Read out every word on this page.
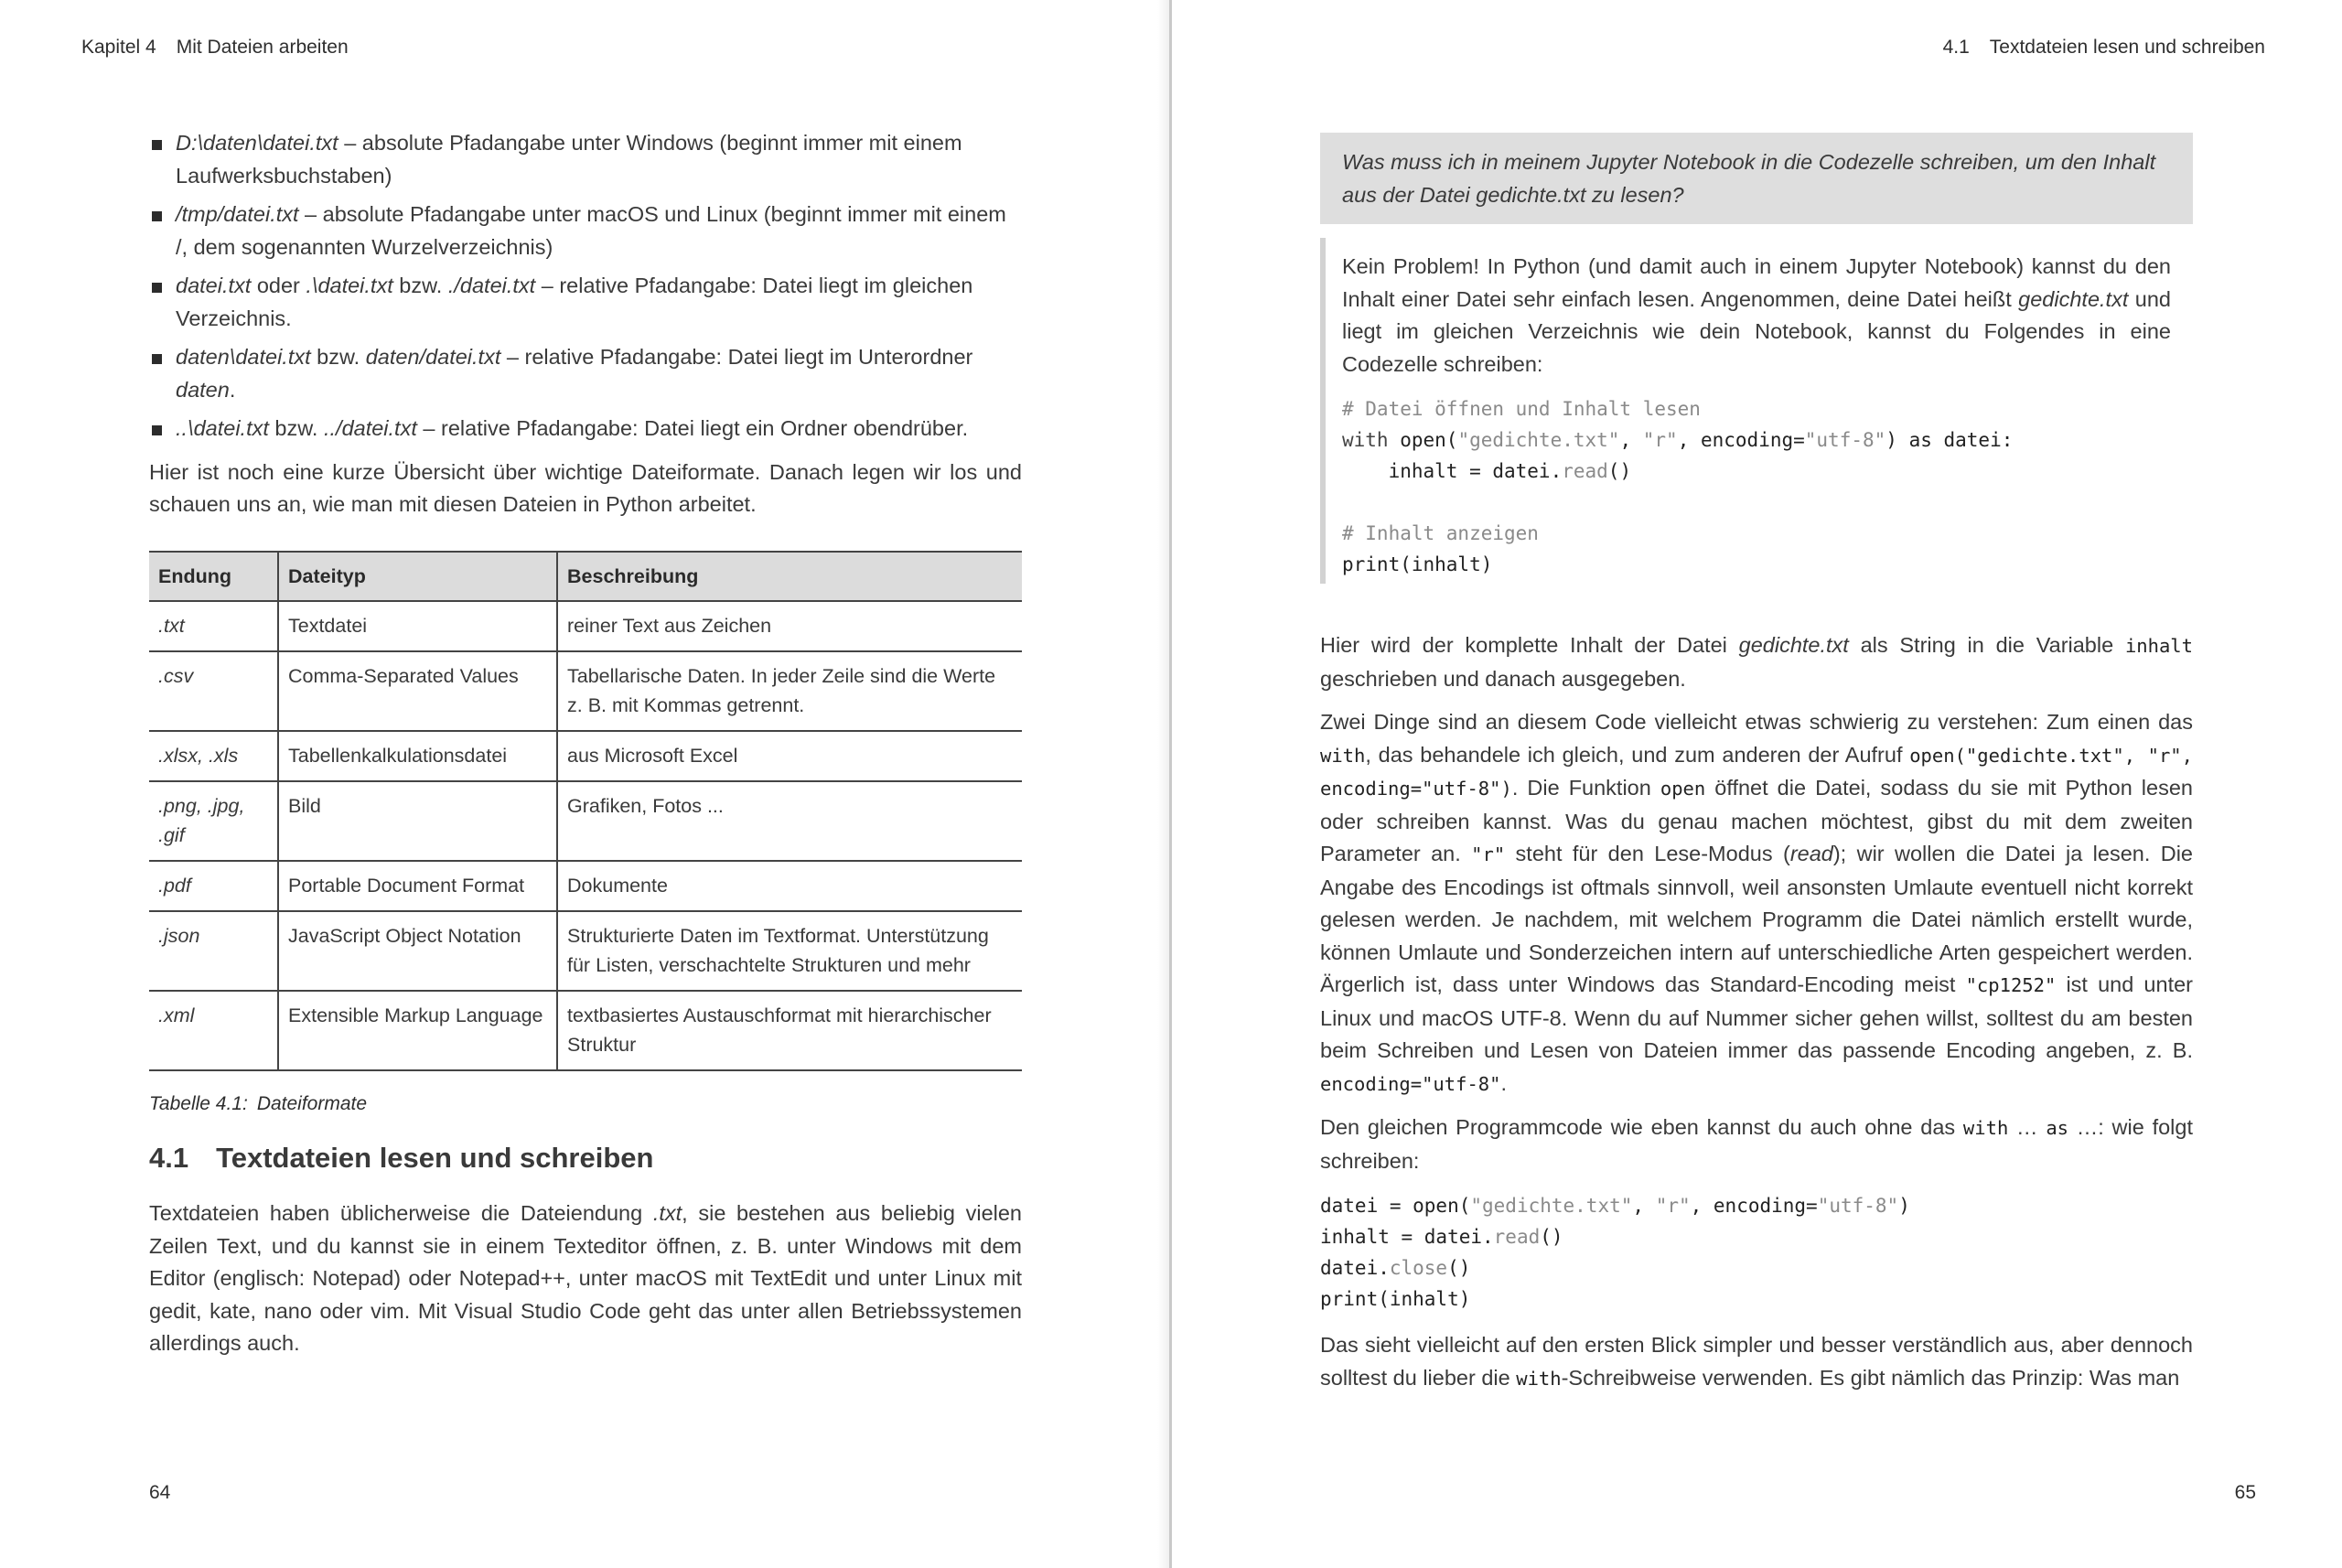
Kapitel 4 Mit Dateien arbeiten
D:\daten\datei.txt – absolute Pfadangabe unter Windows (beginnt immer mit einem Laufwerksbuchstaben)
/tmp/datei.txt – absolute Pfadangabe unter macOS und Linux (beginnt immer mit einem /, dem sogenannten Wurzelverzeichnis)
datei.txt oder .\datei.txt bzw. ./datei.txt – relative Pfadangabe: Datei liegt im gleichen Verzeichnis.
daten\datei.txt bzw. daten/datei.txt – relative Pfadangabe: Datei liegt im Unterordner daten.
..\datei.txt bzw. ../datei.txt – relative Pfadangabe: Datei liegt ein Ordner obendrüber.

Hier ist noch eine kurze Übersicht über wichtige Dateiformate. Danach legen wir los und schauen uns an, wie man mit diesen Dateien in Python arbeitet.

Endung	Dateityp	Beschreibung
.txt	Textdatei	reiner Text aus Zeichen
.csv	Comma-Separated Values	Tabellarische Daten. In jeder Zeile sind die Werte z. B. mit Kommas getrennt.
.xlsx, .xls	Tabellenkalkulationsdatei	aus Microsoft Excel
.png, .jpg, .gif	Bild	Grafiken, Fotos ...
.pdf	Portable Document Format	Dokumente
.json	JavaScript Object Notation	Strukturierte Daten im Textformat. Unterstützung für Listen, verschachtelte Strukturen und mehr
.xml	Extensible Markup Language	textbasiertes Austauschformat mit hierarchischer Struktur
Tabelle 4.1: Dateiformate
4.1 Textdateien lesen und schreiben

Textdateien haben üblicherweise die Dateiendung .txt, sie bestehen aus beliebig vielen Zeilen Text, und du kannst sie in einem Texteditor öffnen, z. B. unter Windows mit dem Editor (englisch: Notepad) oder Notepad++, unter macOS mit TextEdit und unter Linux mit gedit, kate, nano oder vim. Mit Visual Studio Code geht das unter allen Betriebssystemen allerdings auch.

64
4.1 Textdateien lesen und schreiben
Was muss ich in meinem Jupyter Notebook in die Codezelle schreiben, um den Inhalt aus der Datei gedichte.txt zu lesen?

Kein Problem! In Python (und damit auch in einem Jupyter Notebook) kannst du den Inhalt einer Datei sehr einfach lesen. Angenommen, deine Datei heißt gedichte.txt und liegt im gleichen Verzeichnis wie dein Notebook, kannst du Folgendes in eine Codezelle schreiben:

# Datei öffnen und Inhalt lesen
with open("gedichte.txt", "r", encoding="utf-8") as datei:
inhalt = datei.read()

# Inhalt anzeigen
print(inhalt)

Hier wird der komplette Inhalt der Datei gedichte.txt als String in die Variable inhalt geschrieben und danach ausgegeben.

Zwei Dinge sind an diesem Code vielleicht etwas schwierig zu verstehen: Zum einen das with, das behandele ich gleich, und zum anderen der Aufruf open("gedichte.txt", "r", encoding="utf-8"). Die Funktion open öffnet die Datei, sodass du sie mit Python lesen oder schreiben kannst. Was du genau machen möchtest, gibst du mit dem zweiten Parameter an. "r" steht für den Lese-Modus (read); wir wollen die Datei ja lesen. Die Angabe des Encodings ist oftmals sinnvoll, weil ansonsten Umlaute eventuell nicht korrekt gelesen werden. Je nachdem, mit welchem Programm die Datei nämlich erstellt wurde, können Umlaute und Sonderzeichen intern auf unterschiedliche Arten gespeichert werden. Ärgerlich ist, dass unter Windows das Standard-Encoding meist "cp1252" ist und unter Linux und macOS UTF-8. Wenn du auf Nummer sicher gehen willst, solltest du am besten beim Schreiben und Lesen von Dateien immer das passende Encoding angeben, z. B. encoding="utf-8".

Den gleichen Programmcode wie eben kannst du auch ohne das with … as …: wie folgt schreiben:

datei = open("gedichte.txt", "r", encoding="utf-8")
inhalt = datei.read()
datei.close()
print(inhalt)

Das sieht vielleicht auf den ersten Blick simpler und besser verständlich aus, aber dennoch solltest du lieber die with-Schreibweise verwenden. Es gibt nämlich das Prinzip: Was man

65
